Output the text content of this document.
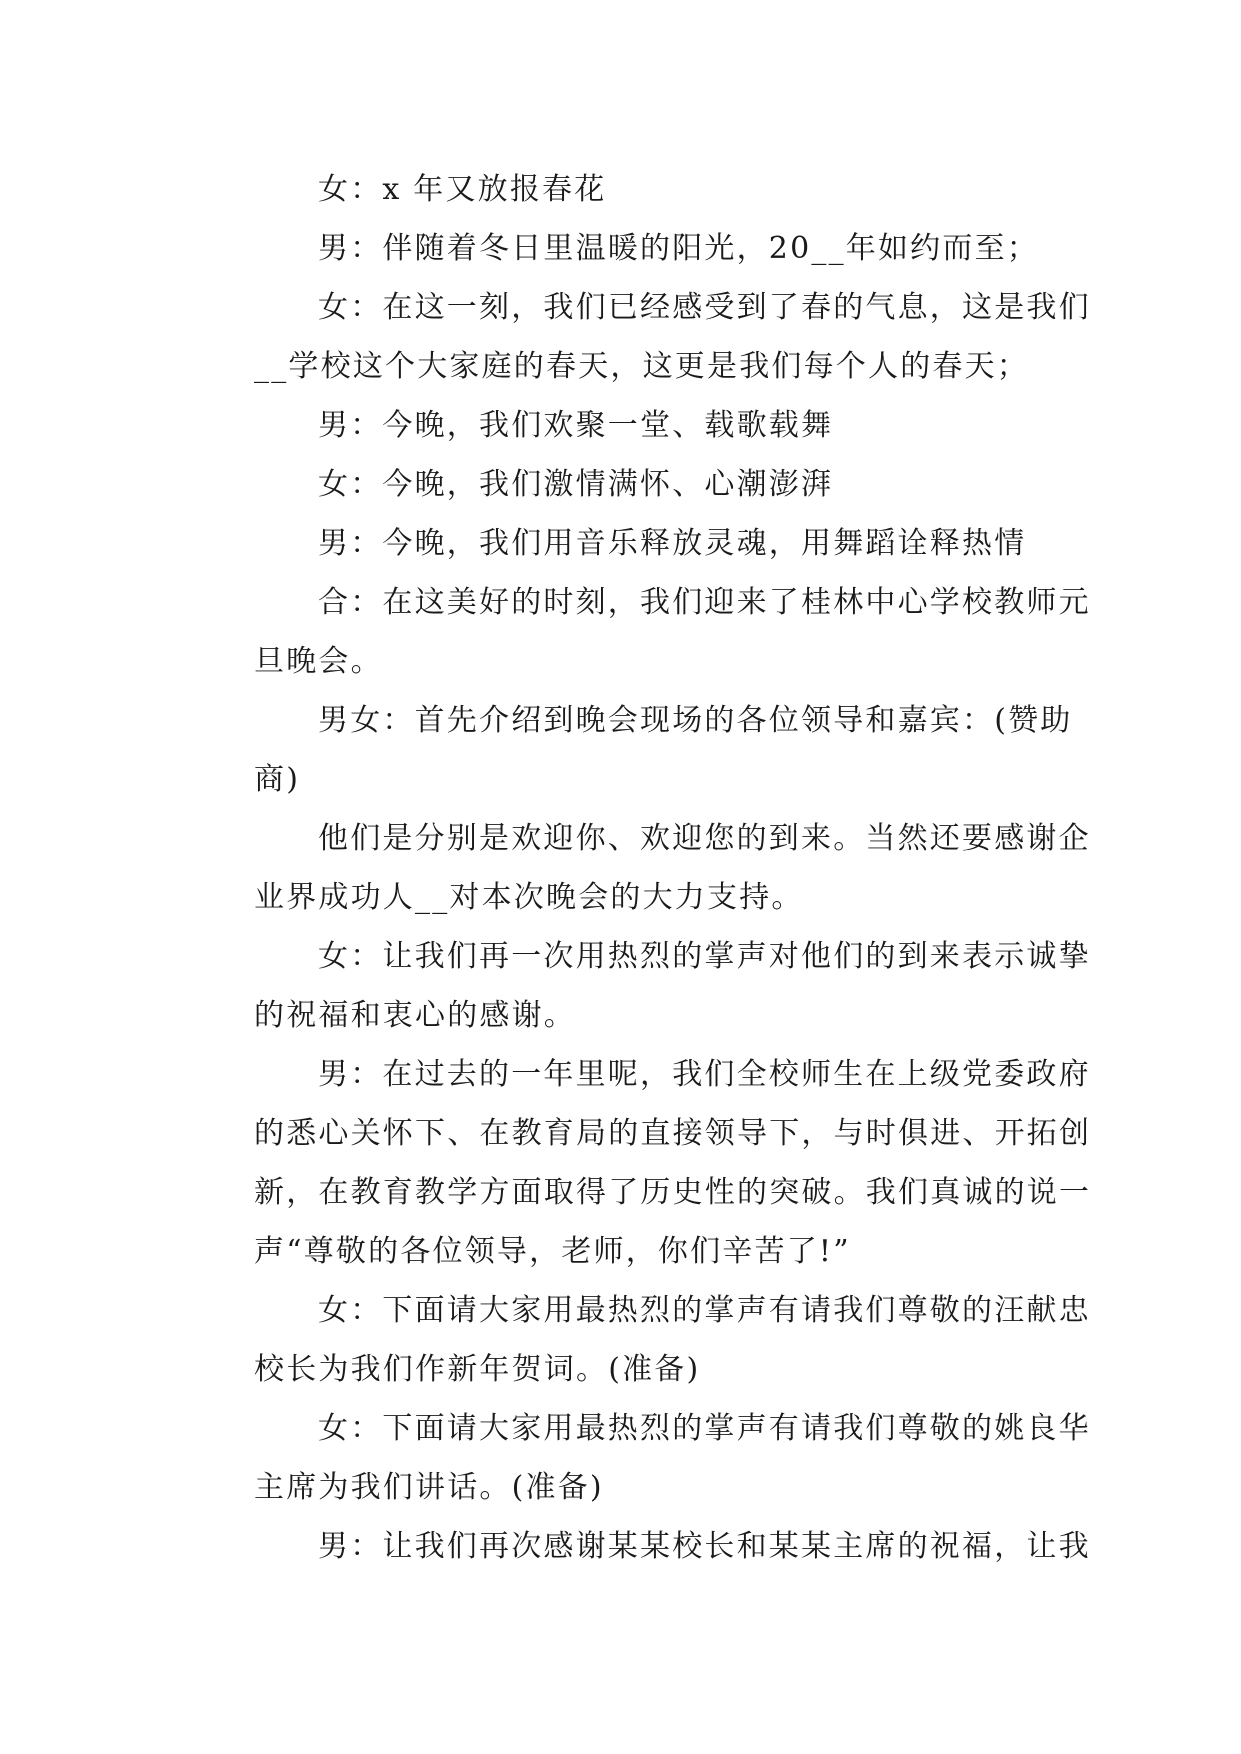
女：x 年又放报春花
男：伴随着冬日里温暖的阳光，20__年如约而至；
女：在这一刻，我们已经感受到了春的气息，这是我们
__学校这个大家庭的春天，这更是我们每个人的春天；
男：今晚，我们欢聚一堂、载歌载舞
女：今晚，我们激情满怀、心潮澎湃
男：今晚，我们用音乐释放灵魂，用舞蹈诠释热情
合：在这美好的时刻，我们迎来了桂林中心学校教师元
旦晚会。
男女：首先介绍到晚会现场的各位领导和嘉宾：(赞助
商)
他们是分别是欢迎你、欢迎您的到来。当然还要感谢企
业界成功人__对本次晚会的大力支持。
女：让我们再一次用热烈的掌声对他们的到来表示诚挚
的祝福和衷心的感谢。
男：在过去的一年里呢，我们全校师生在上级党委政府
的悉心关怀下、在教育局的直接领导下，与时俱进、开拓创
新，在教育教学方面取得了历史性的突破。我们真诚的说一
声“尊敬的各位领导，老师，你们辛苦了!”
女：下面请大家用最热烈的掌声有请我们尊敬的汪献忠
校长为我们作新年贺词。(准备)
女：下面请大家用最热烈的掌声有请我们尊敬的姚良华
主席为我们讲话。(准备)
男：让我们再次感谢某某校长和某某主席的祝福，让我
